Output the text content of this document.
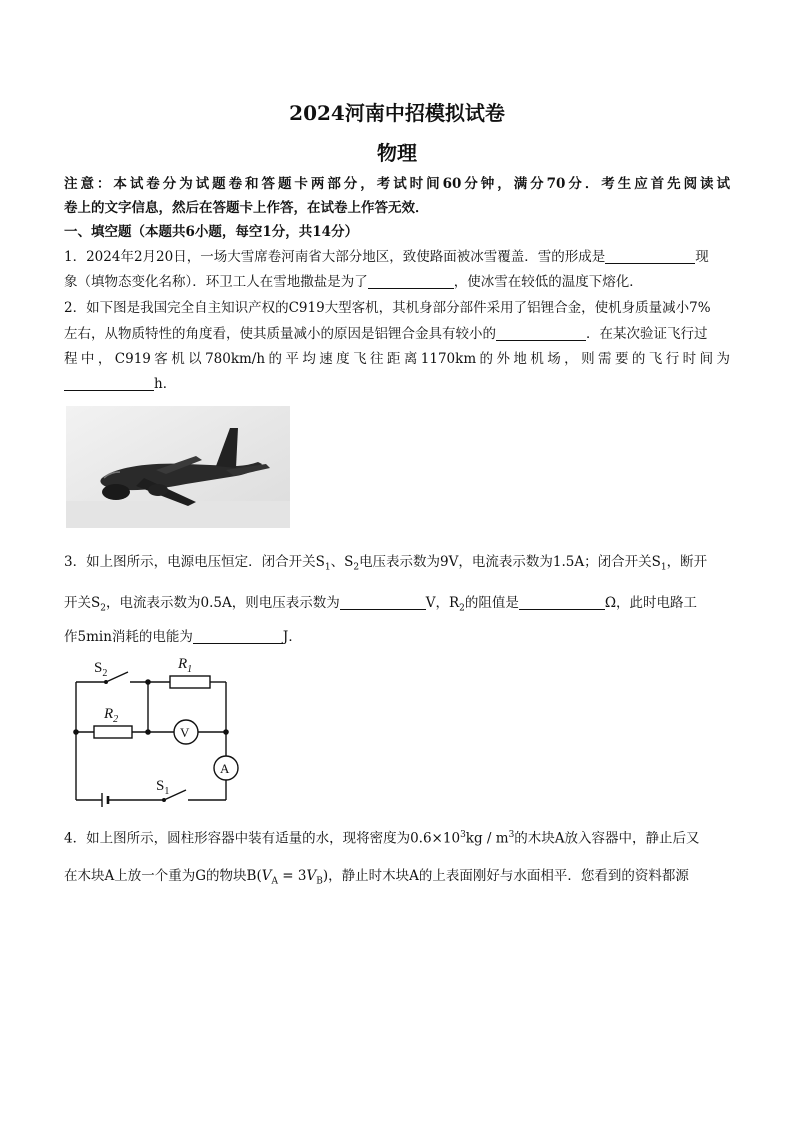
2024河南中招模拟试卷
物理
注意：本试卷分为试题卷和答题卡两部分，考试时间60分钟，满分70分．考生应首先阅读试
卷上的文字信息，然后在答题卡上作答，在试卷上作答无效．
一、填空题（本题共6小题，每空1分，共14分）
1．2024年2月20日，一场大雪席卷河南省大部分地区，致使路面被冰雪覆盖．雪的形成是	现
象（填物态变化名称）．环卫工人在雪地撒盐是为了	，使冰雪在较低的温度下熔化．
2．如下图是我国完全自主知识产权的C919大型客机，其机身部分部件采用了铝锂合金，使机身质量减小7%
左右，从物质特性的角度看，使其质量减小的原因是铝锂合金具有较小的	．在某次验证飞行过
程中，C919客机以780km/h的平均速度飞往距离1170km的外地机场，则需要的飞行时间为
h．
3．如上图所示，电源电压恒定．闭合开关$S_1$、$S_2$电压表示数为9V，电流表示数为1.5A；闭合开关$S_1$，断开
开关$S_2$，电流表示数为0.5A，则电压表示数为	V，$R_2$的阻值是	Ω，此时电路工
作5min消耗的电能为	J．
$S_2$
$R_1$
$R_2$
V
A
$S_1$
4．如上图所示，圆柱形容器中装有适量的水，现将密度为$0.6\times 10^3kg / m^3$的木块A放入容器中，静止后又
在木块A上放一个重为G的物块$B(V_A = 3V_B)$，静止时木块A的上表面刚好与水面相平．您看到的资料都源
